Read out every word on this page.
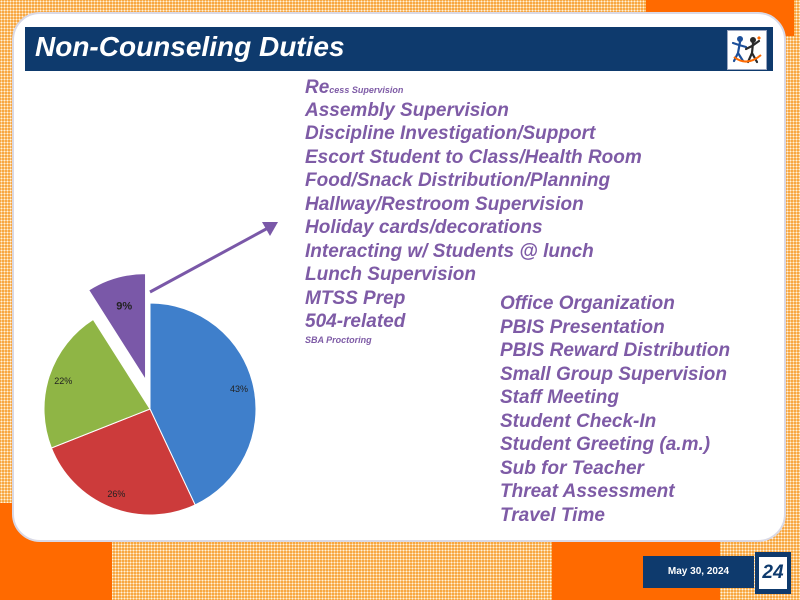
Non-Counseling Duties

Recess Supervision

Assembly Supervision

Discipline Investigation/Support

Escort Student to Class/Health Room

Food/Snack Distribution/Planning

Hallway/Restroom Supervision

Holiday cards/decorations

Interacting w/ Students @ lunch

Lunch Supervision

MTSS Prep

504-related

SBA Proctoring

Office Organization

PBIS Presentation

PBIS Reward Distribution

Small Group Supervision

Staff Meeting

Student Check-In

Student Greeting (a.m.)

Sub for Teacher

Threat Assessment

Travel Time

43%
26%
22%
9%
May 30, 2024	24
